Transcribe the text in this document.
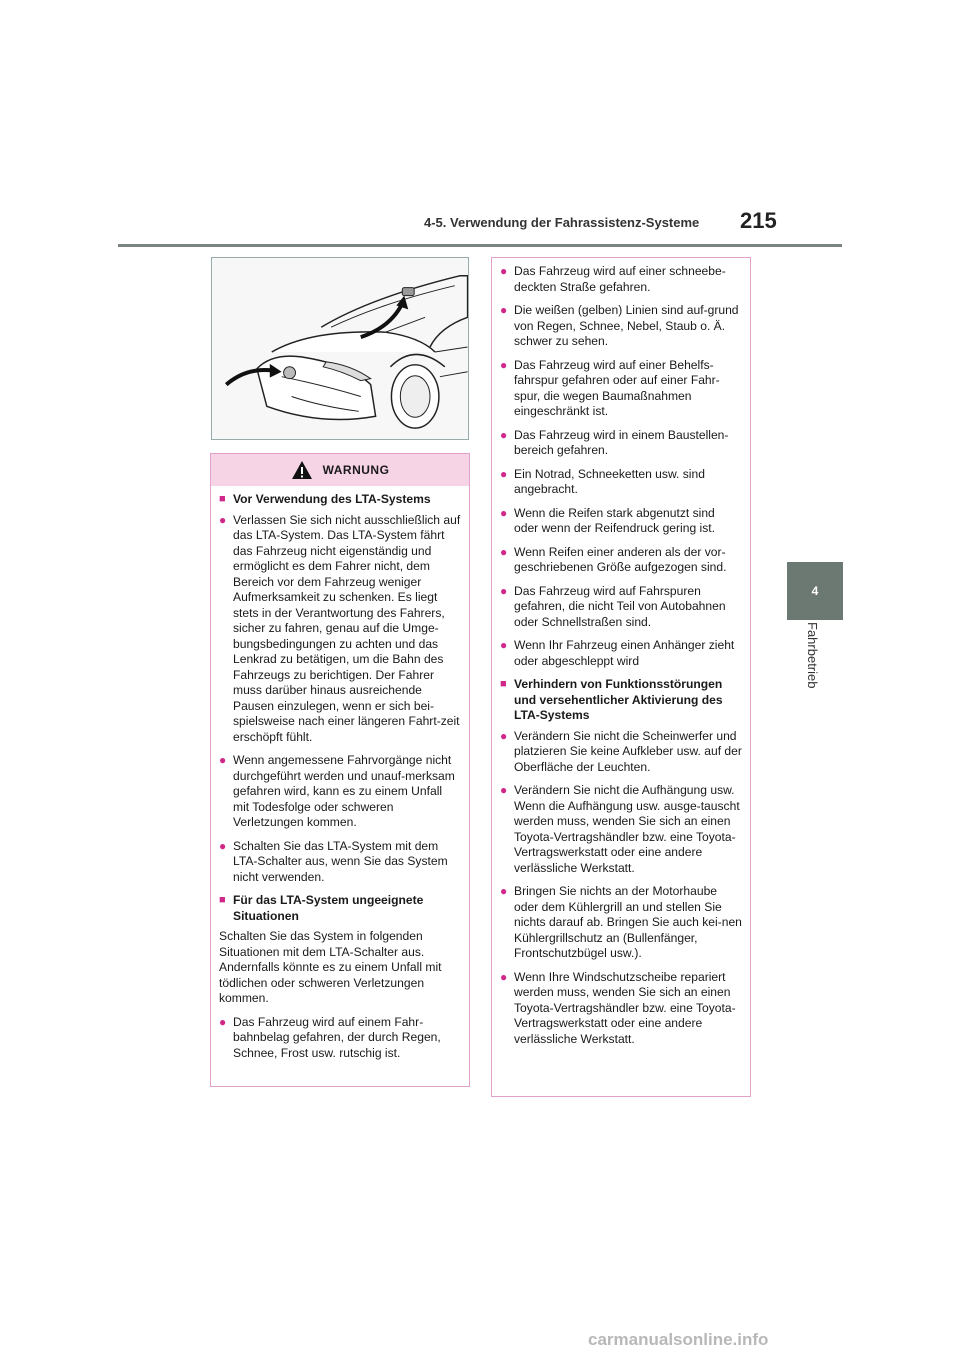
4-5. Verwendung der Fahrassistenz-Systeme 215
4
Fahrbetrieb
WARNUNG
■ Vor Verwendung des LTA-Systems
● Verlassen Sie sich nicht ausschließlich auf das LTA-System. Das LTA-System fährt das Fahrzeug nicht eigenständig und ermöglicht es dem Fahrer nicht, dem Bereich vor dem Fahrzeug weniger Aufmerksamkeit zu schenken. Es liegt stets in der Verantwortung des Fahrers, sicher zu fahren, genau auf die Umge-bungsbedingungen zu achten und das Lenkrad zu betätigen, um die Bahn des Fahrzeugs zu berichtigen. Der Fahrer muss darüber hinaus ausreichende Pausen einzulegen, wenn er sich bei-spielsweise nach einer längeren Fahrt-zeit erschöpft fühlt.
● Wenn angemessene Fahrvorgänge nicht durchgeführt werden und unauf-merksam gefahren wird, kann es zu einem Unfall mit Todesfolge oder schweren Verletzungen kommen.
● Schalten Sie das LTA-System mit dem LTA-Schalter aus, wenn Sie das System nicht verwenden.
■ Für das LTA-System ungeeignete Situationen
Schalten Sie das System in folgenden Situationen mit dem LTA-Schalter aus. Andernfalls könnte es zu einem Unfall mit tödlichen oder schweren Verletzungen kommen.
● Das Fahrzeug wird auf einem Fahr-bahnbelag gefahren, der durch Regen, Schnee, Frost usw. rutschig ist.
● Das Fahrzeug wird auf einer schneebe-deckten Straße gefahren.
● Die weißen (gelben) Linien sind auf-grund von Regen, Schnee, Nebel, Staub o. Ä. schwer zu sehen.
● Das Fahrzeug wird auf einer Behelfs-fahrspur gefahren oder auf einer Fahr-spur, die wegen Baumaßnahmen eingeschränkt ist.
● Das Fahrzeug wird in einem Baustellen-bereich gefahren.
● Ein Notrad, Schneeketten usw. sind angebracht.
● Wenn die Reifen stark abgenutzt sind oder wenn der Reifendruck gering ist.
● Wenn Reifen einer anderen als der vor-geschriebenen Größe aufgezogen sind.
● Das Fahrzeug wird auf Fahrspuren gefahren, die nicht Teil von Autobahnen oder Schnellstraßen sind.
● Wenn Ihr Fahrzeug einen Anhänger zieht oder abgeschleppt wird
■ Verhindern von Funktionsstörungen und versehentlicher Aktivierung des LTA-Systems
● Verändern Sie nicht die Scheinwerfer und platzieren Sie keine Aufkleber usw. auf der Oberfläche der Leuchten.
● Verändern Sie nicht die Aufhängung usw. Wenn die Aufhängung usw. ausge-tauscht werden muss, wenden Sie sich an einen Toyota-Vertragshändler bzw. eine Toyota-Vertragswerkstatt oder eine andere verlässliche Werkstatt.
● Bringen Sie nichts an der Motorhaube oder dem Kühlergrill an und stellen Sie nichts darauf ab. Bringen Sie auch kei-nen Kühlergrillschutz an (Bullenfänger, Frontschutzbügel usw.).
● Wenn Ihre Windschutzscheibe repariert werden muss, wenden Sie sich an einen Toyota-Vertragshändler bzw. eine Toyota-Vertragswerkstatt oder eine andere verlässliche Werkstatt.
carmanualsonline.info
